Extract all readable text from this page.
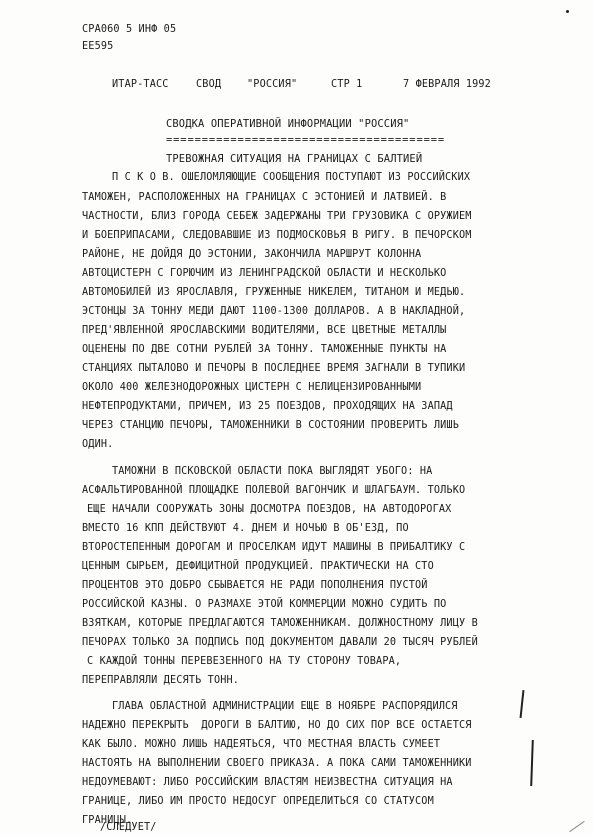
СРА060 5 ИНФ 05
ЕЕ595
ИТАР-ТАСС	СВОД	"РОССИЯ"	СТР 1	7 ФЕВРАЛЯ 1992
СВОДКА ОПЕРАТИВНОЙ ИНФОРМАЦИИ "РОССИЯ"
=======================================
ТРЕВОЖНАЯ СИТУАЦИЯ НА ГРАНИЦАХ С БАЛТИЕЙ
П С К О В. ОШЕЛОМЛЯЮЩИЕ СООБЩЕНИЯ ПОСТУПАЮТ ИЗ РОССИЙСКИХ
ТАМОЖЕН, РАСПОЛОЖЕННЫХ НА ГРАНИЦАХ С ЭСТОНИЕЙ И ЛАТВИЕЙ. В
ЧАСТНОСТИ, БЛИЗ ГОРОДА СЕБЕЖ ЗАДЕРЖАНЫ ТРИ ГРУЗОВИКА С ОРУЖИЕМ
И БОЕПРИПАСАМИ, СЛЕДОВАВШИЕ ИЗ ПОДМОСКОВЬЯ В РИГУ. В ПЕЧОРСКОМ
РАЙОНЕ, НЕ ДОЙДЯ ДО ЭСТОНИИ, ЗАКОНЧИЛА МАРШРУТ КОЛОННА
АВТОЦИСТЕРН С ГОРЮЧИМ ИЗ ЛЕНИНГРАДСКОЙ ОБЛАСТИ И НЕСКОЛЬКО
АВТОМОБИЛЕЙ ИЗ ЯРОСЛАВЛЯ, ГРУЖЕННЫЕ НИКЕЛЕМ, ТИТАНОМ И МЕДЬЮ.
ЭСТОНЦЫ ЗА ТОННУ МЕДИ ДАЮТ 1100-1300 ДОЛЛАРОВ. А В НАКЛАДНОЙ,
ПРЕД'ЯВЛЕННОЙ ЯРОСЛАВСКИМИ ВОДИТЕЛЯМИ, ВСЕ ЦВЕТНЫЕ МЕТАЛЛЫ
ОЦЕНЕНЫ ПО ДВЕ СОТНИ РУБЛЕЙ ЗА ТОННУ. ТАМОЖЕННЫЕ ПУНКТЫ НА
СТАНЦИЯХ ПЫТАЛОВО И ПЕЧОРЫ В ПОСЛЕДНЕЕ ВРЕМЯ ЗАГНАЛИ В ТУПИКИ
ОКОЛО 400 ЖЕЛЕЗНОДОРОЖНЫХ ЦИСТЕРН С НЕЛИЦЕНЗИРОВАННЫМИ
НЕФТЕПРОДУКТАМИ, ПРИЧЕМ, ИЗ 25 ПОЕЗДОВ, ПРОХОДЯЩИХ НА ЗАПАД
ЧЕРЕЗ СТАНЦИЮ ПЕЧОРЫ, ТАМОЖЕННИКИ В СОСТОЯНИИ ПРОВЕРИТЬ ЛИШЬ
ОДИН.
ТАМОЖНИ В ПСКОВСКОЙ ОБЛАСТИ ПОКА ВЫГЛЯДЯТ УБОГО: НА
АСФАЛЬТИРОВАННОЙ ПЛОЩАДКЕ ПОЛЕВОЙ ВАГОНЧИК И ШЛАГБАУМ. ТОЛЬКО
ЕЩЕ НАЧАЛИ СООРУЖАТЬ ЗОНЫ ДОСМОТРА ПОЕЗДОВ, НА АВТОДОРОГАХ
ВМЕСТО 16 КПП ДЕЙСТВУЮТ 4. ДНЕМ И НОЧЬЮ В ОБ'ЕЗД, ПО
ВТОРОСТЕПЕННЫМ ДОРОГАМ И ПРОСЕЛКАМ ИДУТ МАШИНЫ В ПРИБАЛТИКУ С
ЦЕННЫМ СЫРЬЕМ, ДЕФИЦИТНОЙ ПРОДУКЦИЕЙ. ПРАКТИЧЕСКИ НА СТО
ПРОЦЕНТОВ ЭТО ДОБРО СБЫВАЕТСЯ НЕ РАДИ ПОПОЛНЕНИЯ ПУСТОЙ
РОССИЙСКОЙ КАЗНЫ. О РАЗМАХЕ ЭТОЙ КОММЕРЦИИ МОЖНО СУДИТЬ ПО
ВЗЯТКАМ, КОТОРЫЕ ПРЕДЛАГАЮТСЯ ТАМОЖЕННИКАМ. ДОЛЖНОСТНОМУ ЛИЦУ В
ПЕЧОРАХ ТОЛЬКО ЗА ПОДПИСЬ ПОД ДОКУМЕНТОМ ДАВАЛИ 20 ТЫСЯЧ РУБЛЕЙ
С КАЖДОЙ ТОННЫ ПЕРЕВЕЗЕННОГО НА ТУ СТОРОНУ ТОВАРА,
ПЕРЕПРАВЛЯЛИ ДЕСЯТЬ ТОНН.
ГЛАВА ОБЛАСТНОЙ АДМИНИСТРАЦИИ ЕЩЕ В НОЯБРЕ РАСПОРЯДИЛСЯ
НАДЕЖНО ПЕРЕКРЫТЬ  ДОРОГИ В БАЛТИЮ, НО ДО СИХ ПОР ВСЕ ОСТАЕТСЯ
КАК БЫЛО. МОЖНО ЛИШЬ НАДЕЯТЬСЯ, ЧТО МЕСТНАЯ ВЛАСТЬ СУМЕЕТ
НАСТОЯТЬ НА ВЫПОЛНЕНИИ СВОЕГО ПРИКАЗА. А ПОКА САМИ ТАМОЖЕННИКИ
НЕДОУМЕВАЮТ: ЛИБО РОССИЙСКИМ ВЛАСТЯМ НЕИЗВЕСТНА СИТУАЦИЯ НА
ГРАНИЦЕ, ЛИБО ИМ ПРОСТО НЕДОСУГ ОПРЕДЕЛИТЬСЯ СО СТАТУСОМ
ГРАНИЦЫ.
/СЛЕДУЕТ/
